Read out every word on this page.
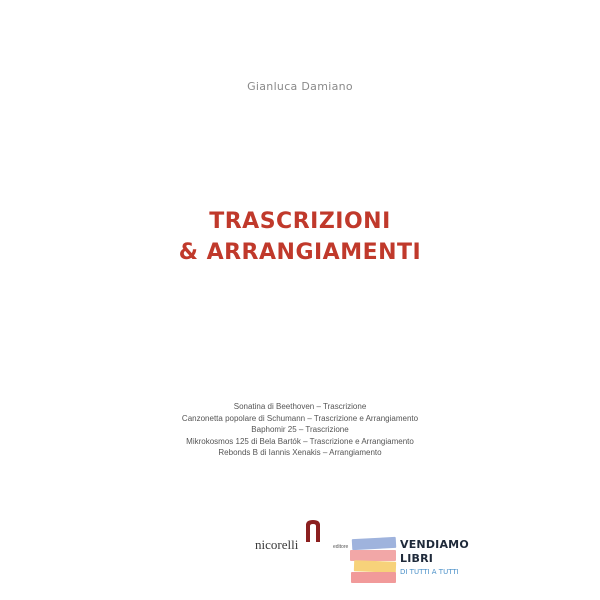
Gianluca Damiano
TRASCRIZIONI
& ARRANGIAMENTI
Sonatina di Beethoven – Trascrizione
Canzonetta popolare di Schumann – Trascrizione e Arrangiamento
Baphomir 25 – Trascrizione
Mikrokosmos 125 di Bela Bartók – Trascrizione e Arrangiamento
Rebonds B di Iannis Xenakis – Arrangiamento
nicorelli	editore	VENDIAMO
LIBRI
DI TUTTI A TUTTI
